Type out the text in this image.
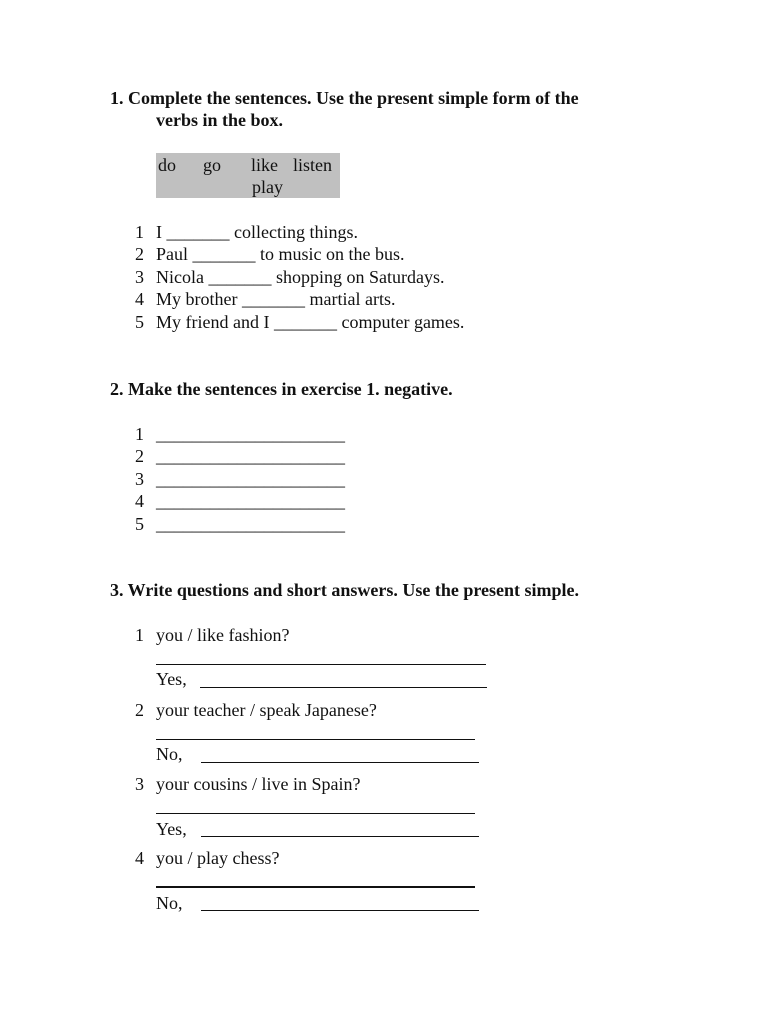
1. Complete the sentences. Use the present simple form of the
verbs in the box.

do go like listen
play
1 I _______ collecting things.
2 Paul _______ to music on the bus.
3 Nicola _______ shopping on Saturdays.
4 My brother _______ martial arts.
5 My friend and I _______ computer games.

2. Make the sentences in exercise 1. negative.

1 _____________________
2 _____________________
3 _____________________
4 _____________________
5 _____________________

3. Write questions and short answers. Use the present simple.

1 you / like fashion?
Yes,
2 your teacher / speak Japanese?
No,
3 your cousins / live in Spain?
Yes,
4 you / play chess?
No,
